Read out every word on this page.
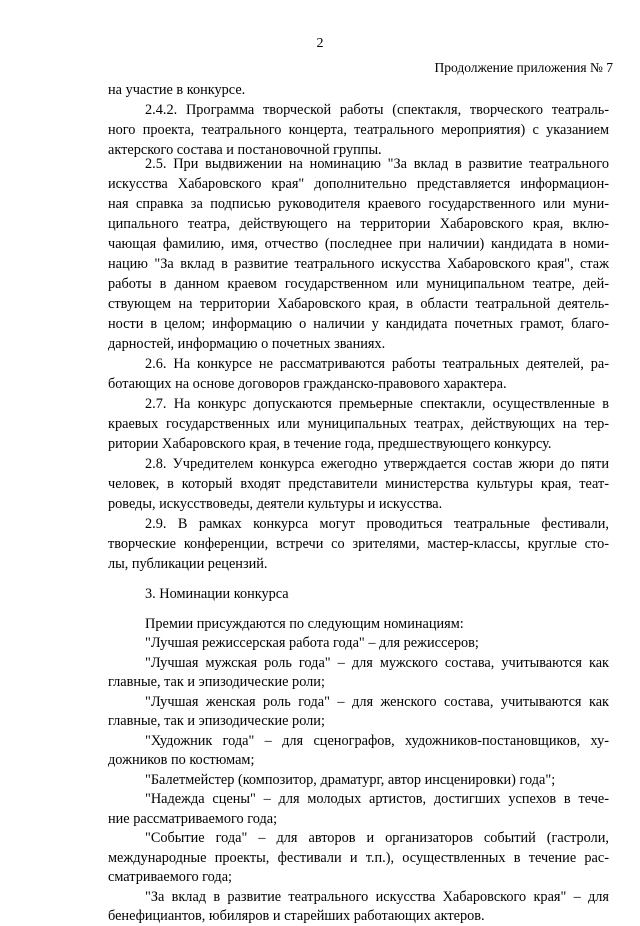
2
Продолжение приложения № 7
на участие в конкурсе.
2.4.2. Программа творческой работы (спектакля, творческого театраль-
ного проекта, театрального концерта, театрального мероприятия) с указанием
актерского состава и постановочной группы.
2.5. При выдвижении на номинацию "За вклад в развитие театрального
искусства Хабаровского края" дополнительно представляется информацион-
ная справка за подписью руководителя краевого государственного или муни-
ципального театра, действующего на территории Хабаровского края, вклю-
чающая фамилию, имя, отчество (последнее при наличии) кандидата в номи-
нацию "За вклад в развитие театрального искусства Хабаровского края", стаж
работы в данном краевом государственном или муниципальном театре, дей-
ствующем на территории Хабаровского края, в области театральной деятель-
ности в целом; информацию о наличии у кандидата почетных грамот, благо-
дарностей, информацию о почетных званиях.
2.6. На конкурсе не рассматриваются работы театральных деятелей, ра-
ботающих на основе договоров гражданско-правового характера.
2.7. На конкурс допускаются премьерные спектакли, осуществленные в
краевых государственных или муниципальных театрах, действующих на тер-
ритории Хабаровского края, в течение года, предшествующего конкурсу.
2.8. Учредителем конкурса ежегодно утверждается состав жюри до пяти
человек, в который входят представители министерства культуры края, теат-
роведы, искусствоведы, деятели культуры и искусства.
2.9. В рамках конкурса могут проводиться театральные фестивали,
творческие конференции, встречи со зрителями, мастер-классы, круглые сто-
лы, публикации рецензий.
3. Номинации конкурса
Премии присуждаются по следующим номинациям:
"Лучшая режиссерская работа года" – для режиссеров;
"Лучшая мужская роль года" – для мужского состава, учитываются как
главные, так и эпизодические роли;
"Лучшая женская роль года" – для женского состава, учитываются как
главные, так и эпизодические роли;
"Художник года" – для сценографов, художников-постановщиков, ху-
дожников по костюмам;
"Балетмейстер (композитор, драматург, автор инсценировки) года";
"Надежда сцены" – для молодых артистов, достигших успехов в тече-
ние рассматриваемого года;
"Событие года" – для авторов и организаторов событий (гастроли,
международные проекты, фестивали и т.п.), осуществленных в течение рас-
сматриваемого года;
"За вклад в развитие театрального искусства Хабаровского края" – для
бенефициантов, юбиляров и старейших работающих актеров.
